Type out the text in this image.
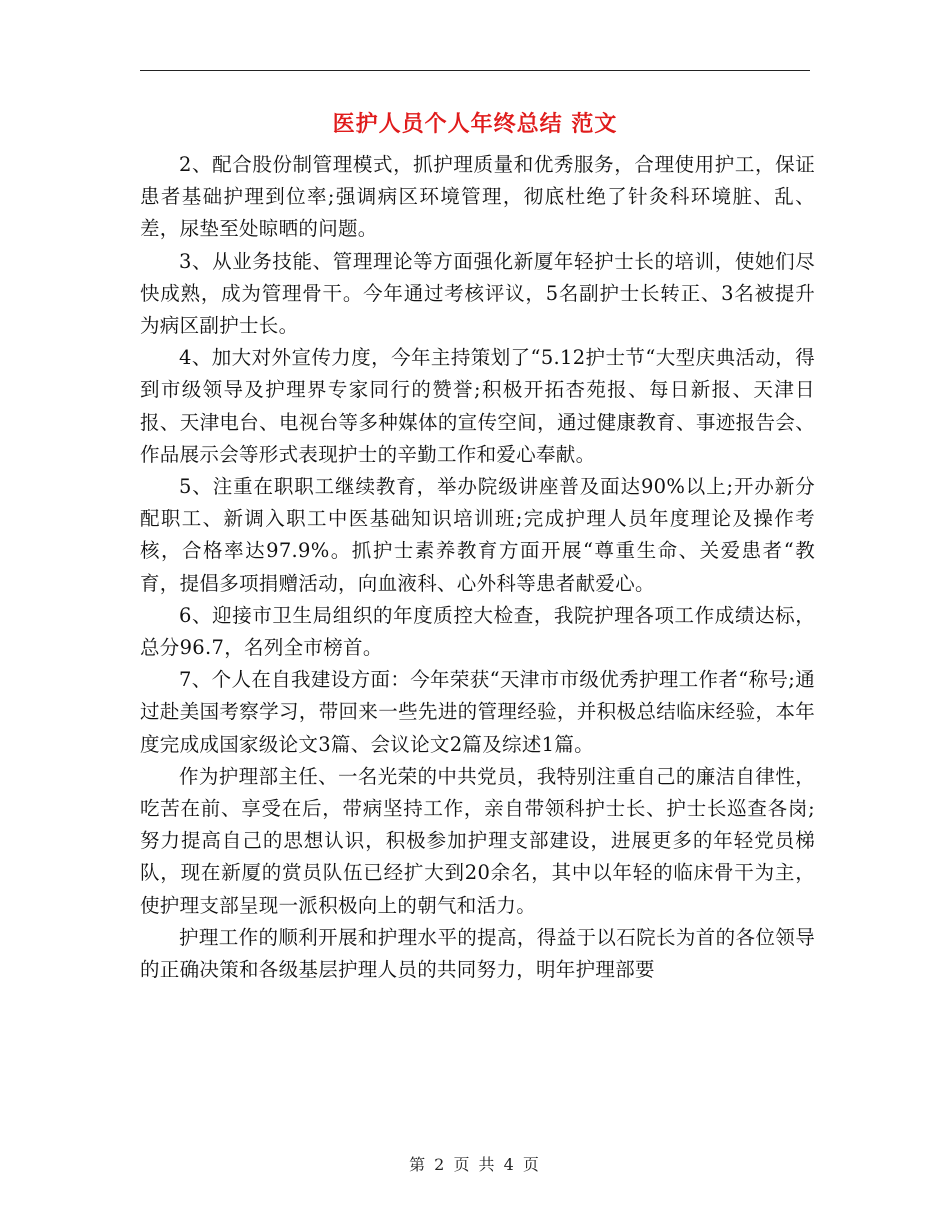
医护人员个人年终总结 范文

2、配合股份制管理模式，抓护理质量和优秀服务，合理使用护工，保证患者基础护理到位率;强调病区环境管理，彻底杜绝了针灸科环境脏、乱、差，尿垫至处晾晒的问题。

3、从业务技能、管理理论等方面强化新厦年轻护士长的培训，使她们尽快成熟，成为管理骨干。今年通过考核评议，5名副护士长转正、3名被提升为病区副护士长。

4、加大对外宣传力度，今年主持策划了“5.12护士节“大型庆典活动，得到市级领导及护理界专家同行的赞誉;积极开拓杏苑报、每日新报、天津日报、天津电台、电视台等多种媒体的宣传空间，通过健康教育、事迹报告会、作品展示会等形式表现护士的辛勤工作和爱心奉献。

5、注重在职职工继续教育，举办院级讲座普及面达90%以上;开办新分配职工、新调入职工中医基础知识培训班;完成护理人员年度理论及操作考核，合格率达97.9%。抓护士素养教育方面开展“尊重生命、关爱患者“教育，提倡多项捐赠活动，向血液科、心外科等患者献爱心。

6、迎接市卫生局组织的年度质控大检查，我院护理各项工作成绩达标，总分96.7，名列全市榜首。

7、个人在自我建设方面：今年荣获“天津市市级优秀护理工作者“称号;通过赴美国考察学习，带回来一些先进的管理经验，并积极总结临床经验，本年度完成成国家级论文3篇、会议论文2篇及综述1篇。

作为护理部主任、一名光荣的中共党员，我特别注重自己的廉洁自律性，吃苦在前、享受在后，带病坚持工作，亲自带领科护士长、护士长巡查各岗;努力提高自己的思想认识，积极参加护理支部建设，进展更多的年轻党员梯队，现在新厦的赏员队伍已经扩大到20余名，其中以年轻的临床骨干为主，使护理支部呈现一派积极向上的朝气和活力。

护理工作的顺利开展和护理水平的提高，得益于以石院长为首的各位领导的正确决策和各级基层护理人员的共同努力，明年护理部要

第 2 页 共 4 页
